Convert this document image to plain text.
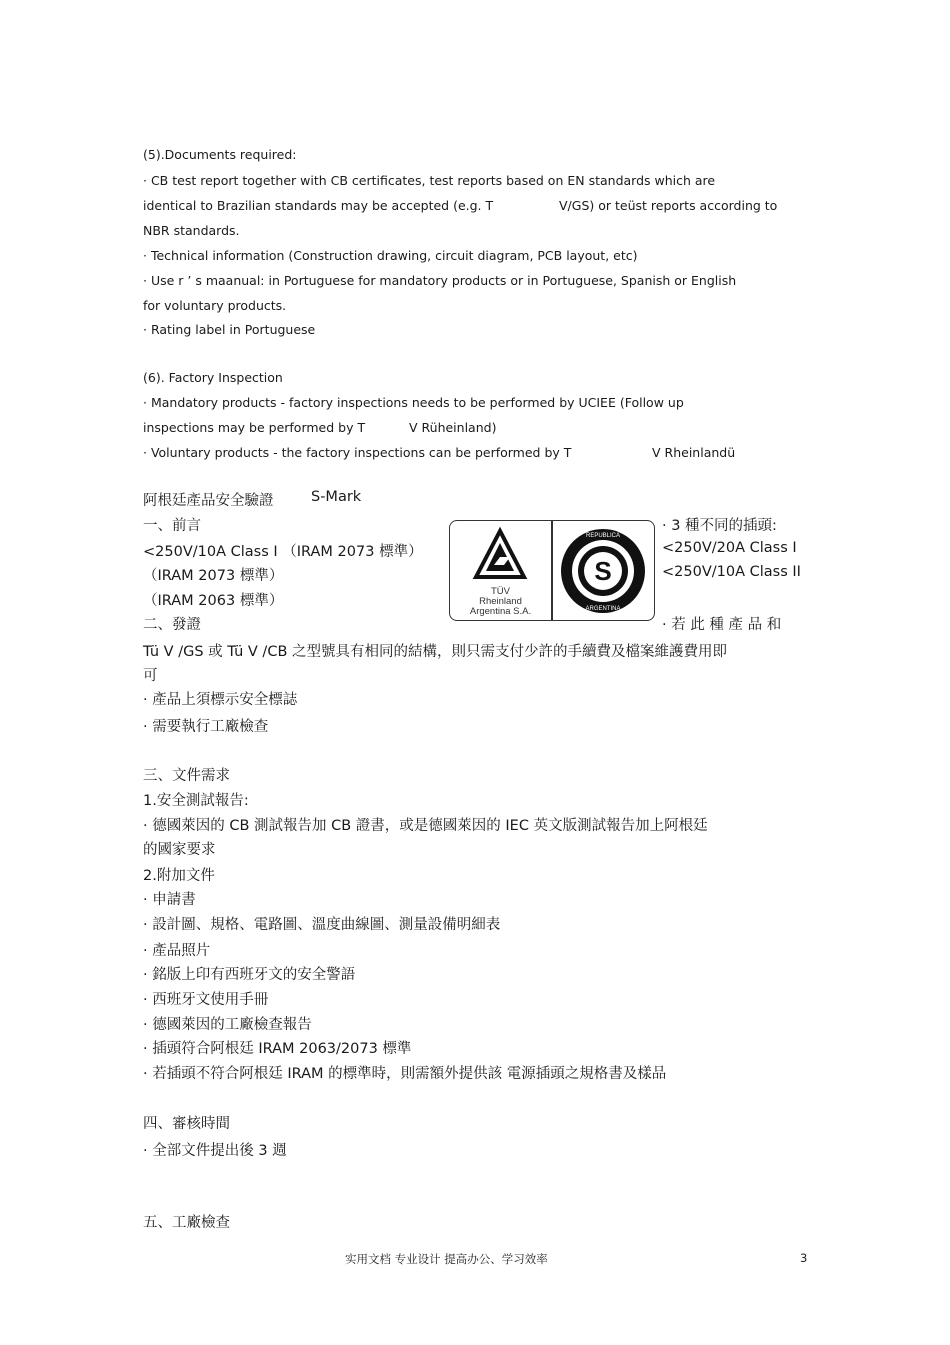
(5).Documents required:
· CB test report together with CB certificates, test reports based on EN standards which are
identical to Brazilian standards may be accepted (e.g. T	V/GS) or teüst reports according to
NBR standards.
· Technical information (Construction drawing, circuit diagram, PCB layout, etc)
· Use r ’ s maanual: in Portuguese for mandatory products or in Portuguese, Spanish or English
for voluntary products.
· Rating label in Portuguese
(6). Factory Inspection
· Mandatory products - factory inspections needs to be performed by UCIEE (Follow up
inspections may be performed by T	V Rüheinland)
· Voluntary products - the factory inspections can be performed by T	V Rheinlandü
阿根廷產品安全驗證	S-Mark
一、前言
<250V/10A Class I （IRAM 2073 標準）
（IRAM 2073 標準）
（IRAM 2063 標準）
TÜV
Rheinland
Argentina S.A.
S
REPUBLICA
ARGENTINA
· 3 種不同的插頭:
<250V/20A Class I
<250V/10A Class II
二、發證	· 若 此 種 產 品 和
Tü V /GS 或 Tü V /CB 之型號具有相同的結構，則只需支付少許的手續費及檔案維護費用即
可
· 產品上須標示安全標誌
· 需要執行工廠檢查
三、文件需求
1.安全測試報告:
· 德國萊因的 CB 測試報告加 CB 證書，或是德國萊因的 IEC 英文版測試報告加上阿根廷
的國家要求
2.附加文件
· 申請書
· 設計圖、規格、電路圖、溫度曲線圖、測量設備明細表
· 產品照片
· 銘版上印有西班牙文的安全警語
· 西班牙文使用手冊
· 德國萊因的工廠檢查報告
· 插頭符合阿根廷 IRAM 2063/2073 標準
· 若插頭不符合阿根廷 IRAM 的標準時，則需額外提供該 電源插頭之規格書及樣品
四、審核時間
· 全部文件提出後 3 週
五、工廠檢查
实用文档 专业设计 提高办公、学习效率	3
